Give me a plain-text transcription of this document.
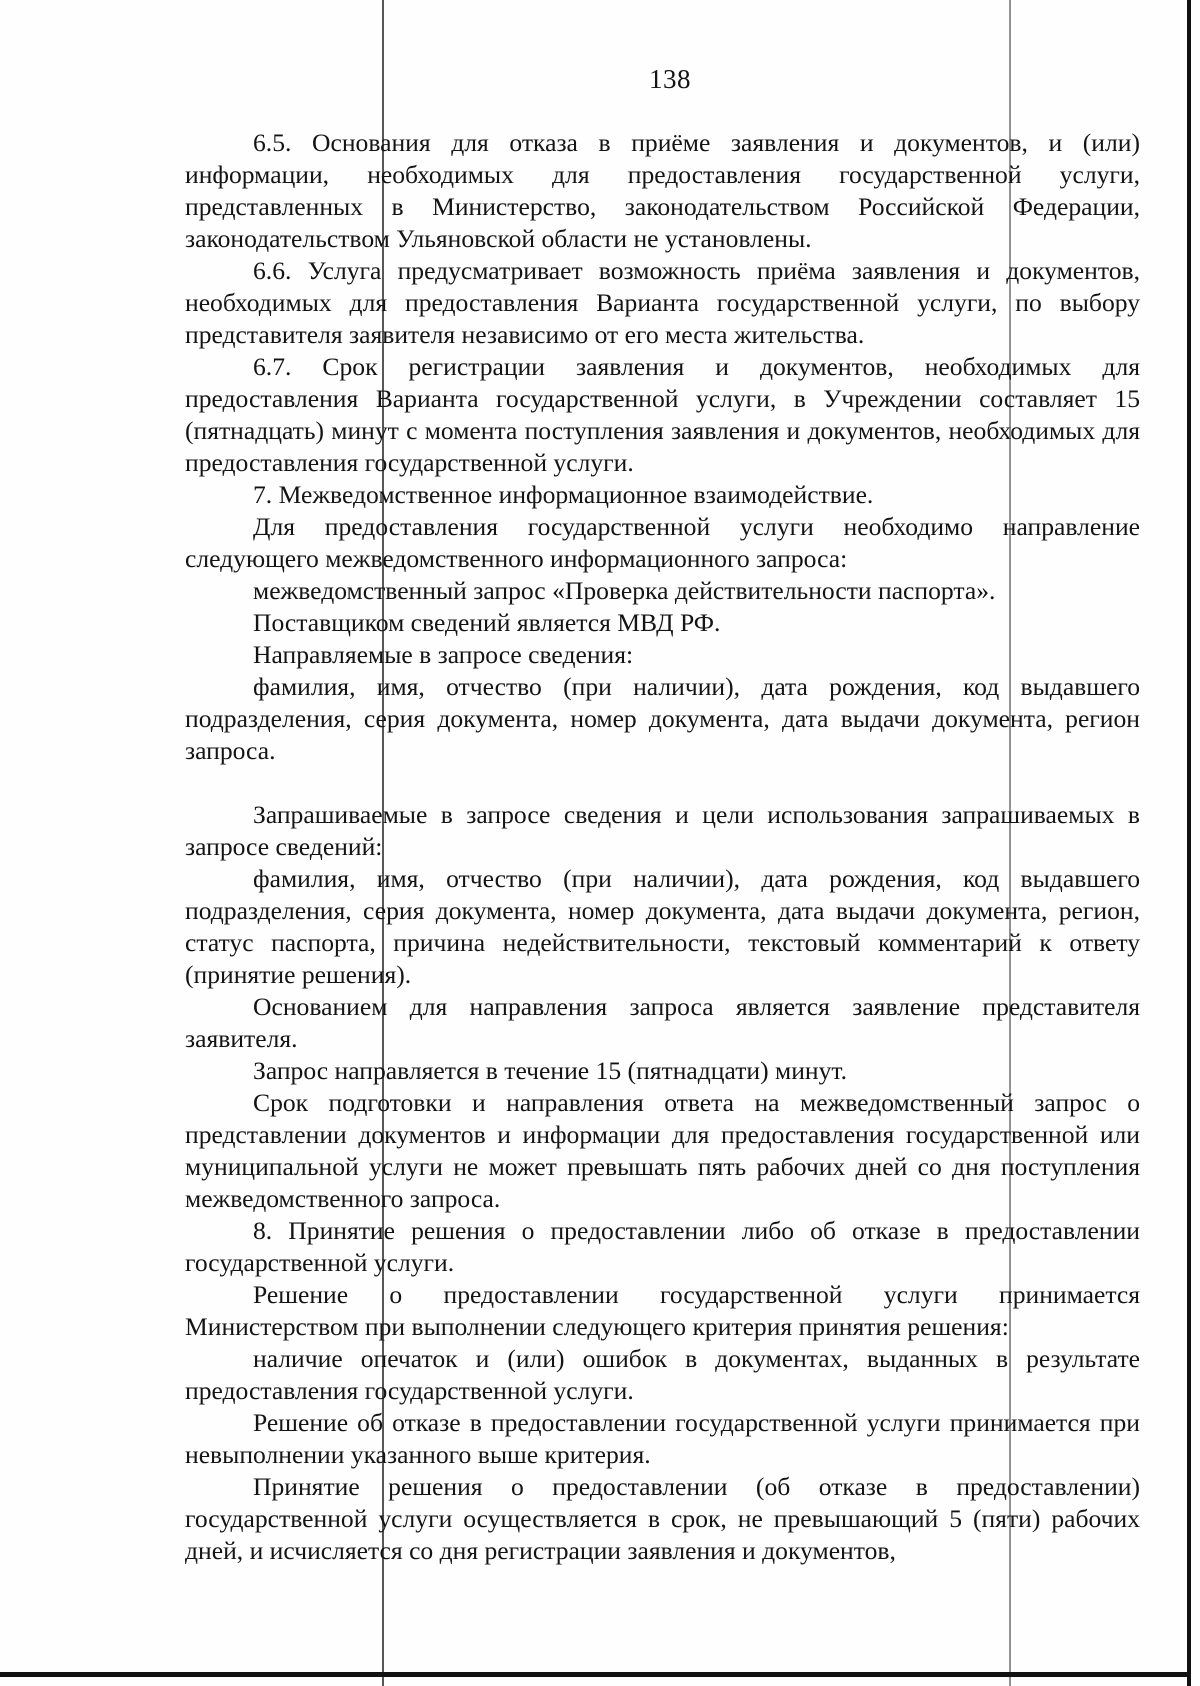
138

6.5. Основания для отказа в приёме заявления и документов, и (или) информации, необходимых для предоставления государственной услуги, представленных в Министерство, законодательством Российской Федерации, законодательством Ульяновской области не установлены.

6.6. Услуга предусматривает возможность приёма заявления и документов, необходимых для предоставления Варианта государственной услуги, по выбору представителя заявителя независимо от его места жительства.

6.7. Срок регистрации заявления и документов, необходимых для предоставления Варианта государственной услуги, в Учреждении составляет 15 (пятнадцать) минут с момента поступления заявления и документов, необходимых для предоставления государственной услуги.

7. Межведомственное информационное взаимодействие.

Для предоставления государственной услуги необходимо направление следующего межведомственного информационного запроса:

межведомственный запрос «Проверка действительности паспорта».

Поставщиком сведений является МВД РФ.

Направляемые в запросе сведения:

фамилия, имя, отчество (при наличии), дата рождения, код выдавшего подразделения, серия документа, номер документа, дата выдачи документа, регион запроса.

Запрашиваемые в запросе сведения и цели использования запрашиваемых в запросе сведений:

фамилия, имя, отчество (при наличии), дата рождения, код выдавшего подразделения, серия документа, номер документа, дата выдачи документа, регион, статус паспорта, причина недействительности, текстовый комментарий к ответу (принятие решения).

Основанием для направления запроса является заявление представителя заявителя.

Запрос направляется в течение 15 (пятнадцати) минут.

Срок подготовки и направления ответа на межведомственный запрос о представлении документов и информации для предоставления государственной или муниципальной услуги не может превышать пять рабочих дней со дня поступления межведомственного запроса.

8. Принятие решения о предоставлении либо об отказе в предоставлении государственной услуги.

Решение о предоставлении государственной услуги принимается Министерством при выполнении следующего критерия принятия решения:

наличие опечаток и (или) ошибок в документах, выданных в результате предоставления государственной услуги.

Решение об отказе в предоставлении государственной услуги принимается при невыполнении указанного выше критерия.

Принятие решения о предоставлении (об отказе в предоставлении) государственной услуги осуществляется в срок, не превышающий 5 (пяти) рабочих дней, и исчисляется со дня регистрации заявления и документов,
